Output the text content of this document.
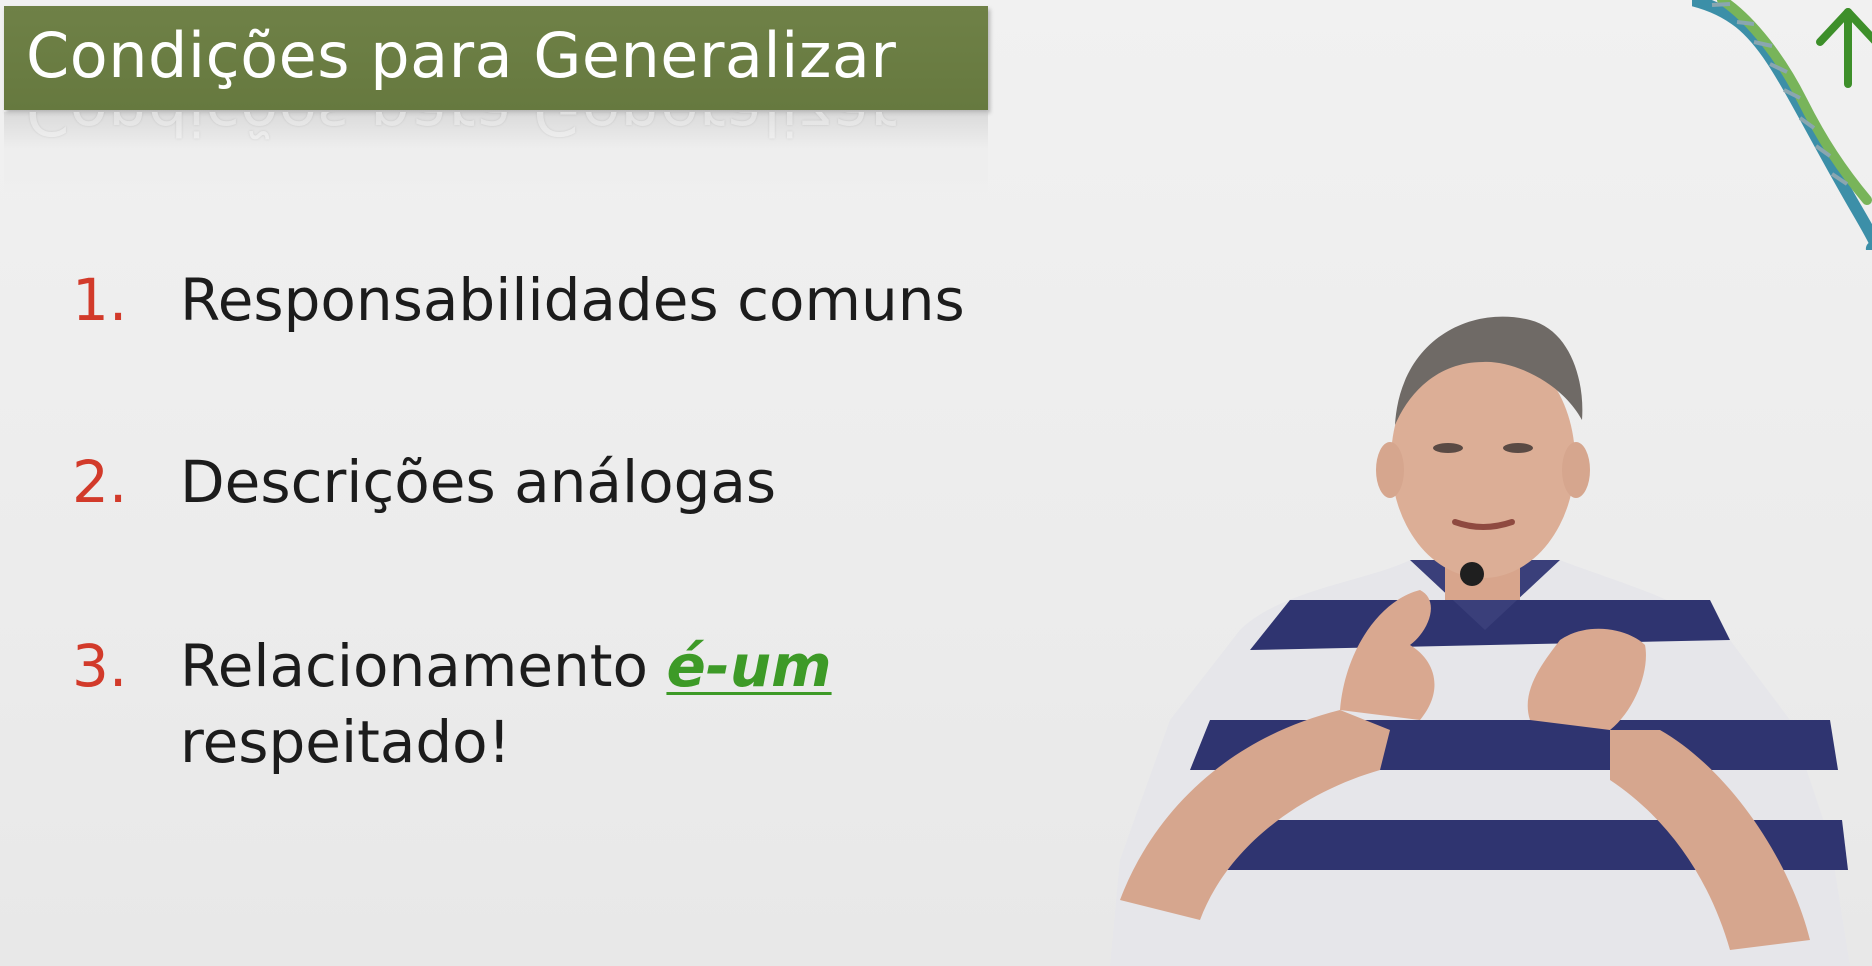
Condições para Generalizar
1. Responsabilidades comuns
2. Descrições análogas
3. Relacionamento é-um
respeitado!
